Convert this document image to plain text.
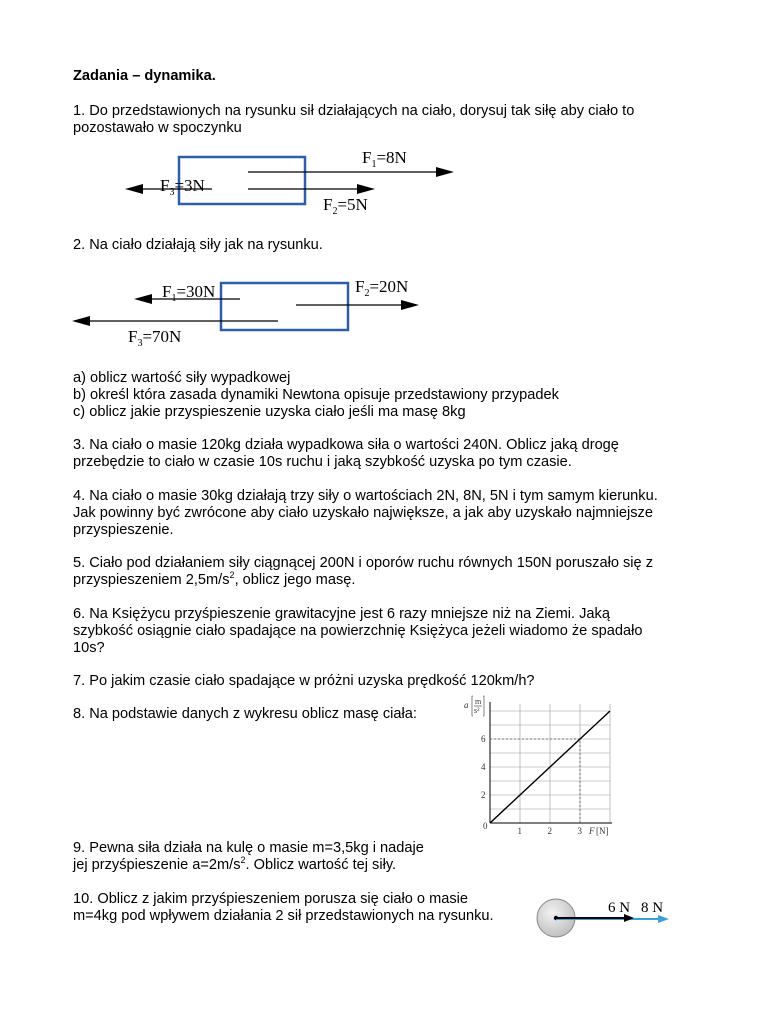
Zadania – dynamika.
1. Do przedstawionych na rysunku sił działających na ciało, dorysuj tak siłę aby ciało to
pozostawało w spoczynku
$F_1=8N$
$F_2=5N$
$F_3=3N$
2. Na ciało działają siły jak na rysunku.
$F_1=30N$	$F_2=20N$
$F_3=70N$
a) oblicz wartość siły wypadkowej
b) określ która zasada dynamiki Newtona opisuje przedstawiony przypadek
c) oblicz jakie przyspieszenie uzyska ciało jeśli ma masę 8kg
3. Na ciało o masie 120kg działa wypadkowa siła o wartości 240N. Oblicz jaką drogę
przebędzie to ciało w czasie 10s ruchu i jaką szybkość uzyska po tym czasie.
4. Na ciało o masie 30kg działają trzy siły o wartościach 2N, 8N, 5N i tym samym kierunku.
Jak powinny być zwrócone aby ciało uzyskało największe, a jak aby uzyskało najmniejsze
przyspieszenie.
5. Ciało pod działaniem siły ciągnącej 200N i oporów ruchu równych 150N poruszało się z
przyspieszeniem $2,5m/s^2$, oblicz jego masę.
6. Na Księżycu przyśpieszenie grawitacyjne jest 6 razy mniejsze niż na Ziemi. Jaką
szybkość osiągnie ciało spadające na powierzchnię Księżyca jeżeli wiadomo że spadało
10s?
7. Po jakim czasie ciało spadające w próżni uzyska prędkość 120km/h?
8. Na podstawie danych z wykresu oblicz masę ciała:
1	2	3
2
4
6
a m
s²
F [N]
0
9. Pewna siła działa na kulę o masie m=3,5kg i nadaje
jej przyśpieszenie $a=2m/s^2$. Oblicz wartość tej siły.
10. Oblicz z jakim przyśpieszeniem porusza się ciało o masie
m=4kg pod wpływem działania 2 sił przedstawionych na rysunku.	6 N 8 N
